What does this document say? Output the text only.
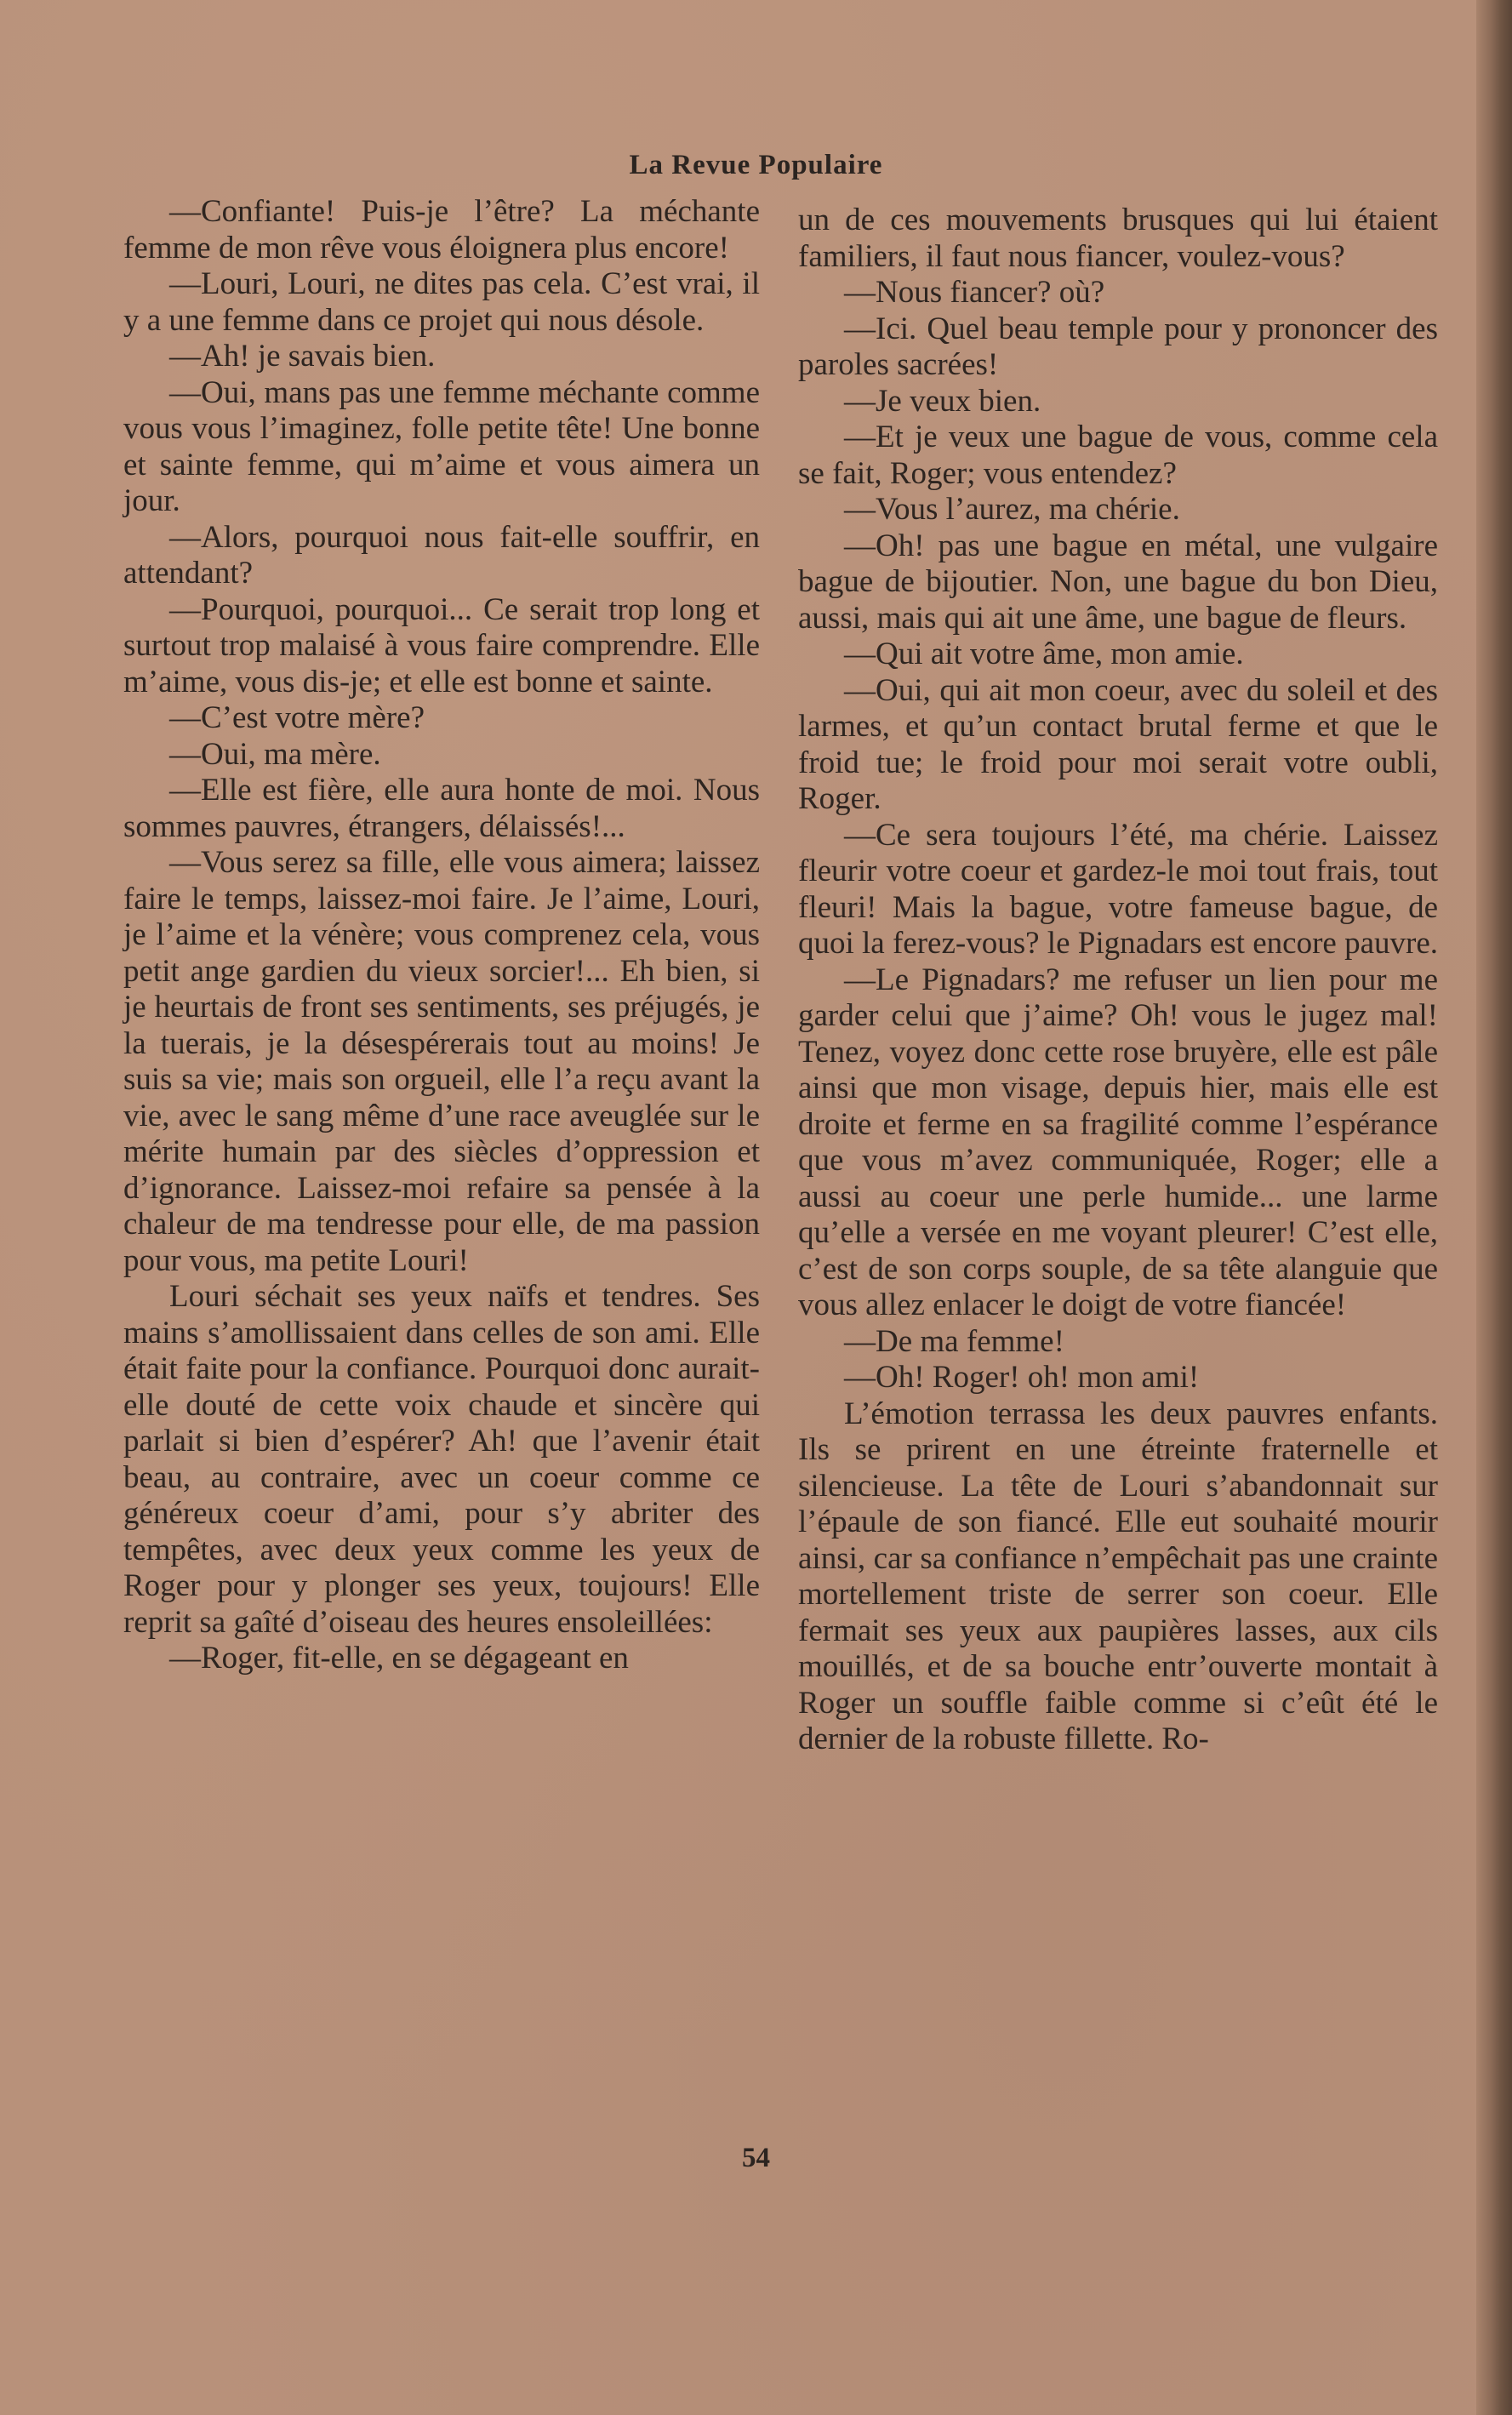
La Revue Populaire

—Confiante! Puis-je l’être? La méchante femme de mon rêve vous éloignera plus encore!

—Louri, Louri, ne dites pas cela. C’est vrai, il y a une femme dans ce projet qui nous désole.

—Ah! je savais bien.

—Oui, mans pas une femme méchante comme vous vous l’imaginez, folle petite tête! Une bonne et sainte femme, qui m’aime et vous aimera un jour.

—Alors, pourquoi nous fait-elle souffrir, en attendant?

—Pourquoi, pourquoi... Ce serait trop long et surtout trop malaisé à vous faire comprendre. Elle m’aime, vous dis-je; et elle est bonne et sainte.

—C’est votre mère?

—Oui, ma mère.

—Elle est fière, elle aura honte de moi. Nous sommes pauvres, étrangers, délaissés!...

—Vous serez sa fille, elle vous aimera; laissez faire le temps, laissez-moi faire. Je l’aime, Louri, je l’aime et la vénère; vous comprenez cela, vous petit ange gardien du vieux sorcier!... Eh bien, si je heurtais de front ses sentiments, ses préjugés, je la tuerais, je la désespérerais tout au moins! Je suis sa vie; mais son orgueil, elle l’a reçu avant la vie, avec le sang même d’une race aveuglée sur le mérite humain par des siècles d’oppression et d’ignorance. Laissez-moi refaire sa pensée à la chaleur de ma tendresse pour elle, de ma passion pour vous, ma petite Louri!

Louri séchait ses yeux naïfs et tendres. Ses mains s’amollissaient dans celles de son ami. Elle était faite pour la confiance. Pourquoi donc aurait-elle douté de cette voix chaude et sincère qui parlait si bien d’espérer? Ah! que l’avenir était beau, au contraire, avec un coeur comme ce généreux coeur d’ami, pour s’y abriter des tempêtes, avec deux yeux comme les yeux de Roger pour y plonger ses yeux, toujours! Elle reprit sa gaîté d’oiseau des heures ensoleillées:

—Roger, fit-elle, en se dégageant en

un de ces mouvements brusques qui lui étaient familiers, il faut nous fiancer, voulez-vous?

—Nous fiancer? où?

—Ici. Quel beau temple pour y prononcer des paroles sacrées!

—Je veux bien.

—Et je veux une bague de vous, comme cela se fait, Roger; vous entendez?

—Vous l’aurez, ma chérie.

—Oh! pas une bague en métal, une vulgaire bague de bijoutier. Non, une bague du bon Dieu, aussi, mais qui ait une âme, une bague de fleurs.

—Qui ait votre âme, mon amie.

—Oui, qui ait mon coeur, avec du soleil et des larmes, et qu’un contact brutal ferme et que le froid tue; le froid pour moi serait votre oubli, Roger.

—Ce sera toujours l’été, ma chérie. Laissez fleurir votre coeur et gardez-le moi tout frais, tout fleuri! Mais la bague, votre fameuse bague, de quoi la ferez-vous? le Pignadars est encore pauvre.

—Le Pignadars? me refuser un lien pour me garder celui que j’aime? Oh! vous le jugez mal! Tenez, voyez donc cette rose bruyère, elle est pâle ainsi que mon visage, depuis hier, mais elle est droite et ferme en sa fragilité comme l’espérance que vous m’avez communiquée, Roger; elle a aussi au coeur une perle humide... une larme qu’elle a versée en me voyant pleurer! C’est elle, c’est de son corps souple, de sa tête alanguie que vous allez enlacer le doigt de votre fiancée!

—De ma femme!

—Oh! Roger! oh! mon ami!

L’émotion terrassa les deux pauvres enfants. Ils se prirent en une étreinte fraternelle et silencieuse. La tête de Louri s’abandonnait sur l’épaule de son fiancé. Elle eut souhaité mourir ainsi, car sa confiance n’empêchait pas une crainte mortellement triste de serrer son coeur. Elle fermait ses yeux aux paupières lasses, aux cils mouillés, et de sa bouche entr’ouverte montait à Roger un souffle faible comme si c’eût été le dernier de la robuste fillette. Ro-

54
